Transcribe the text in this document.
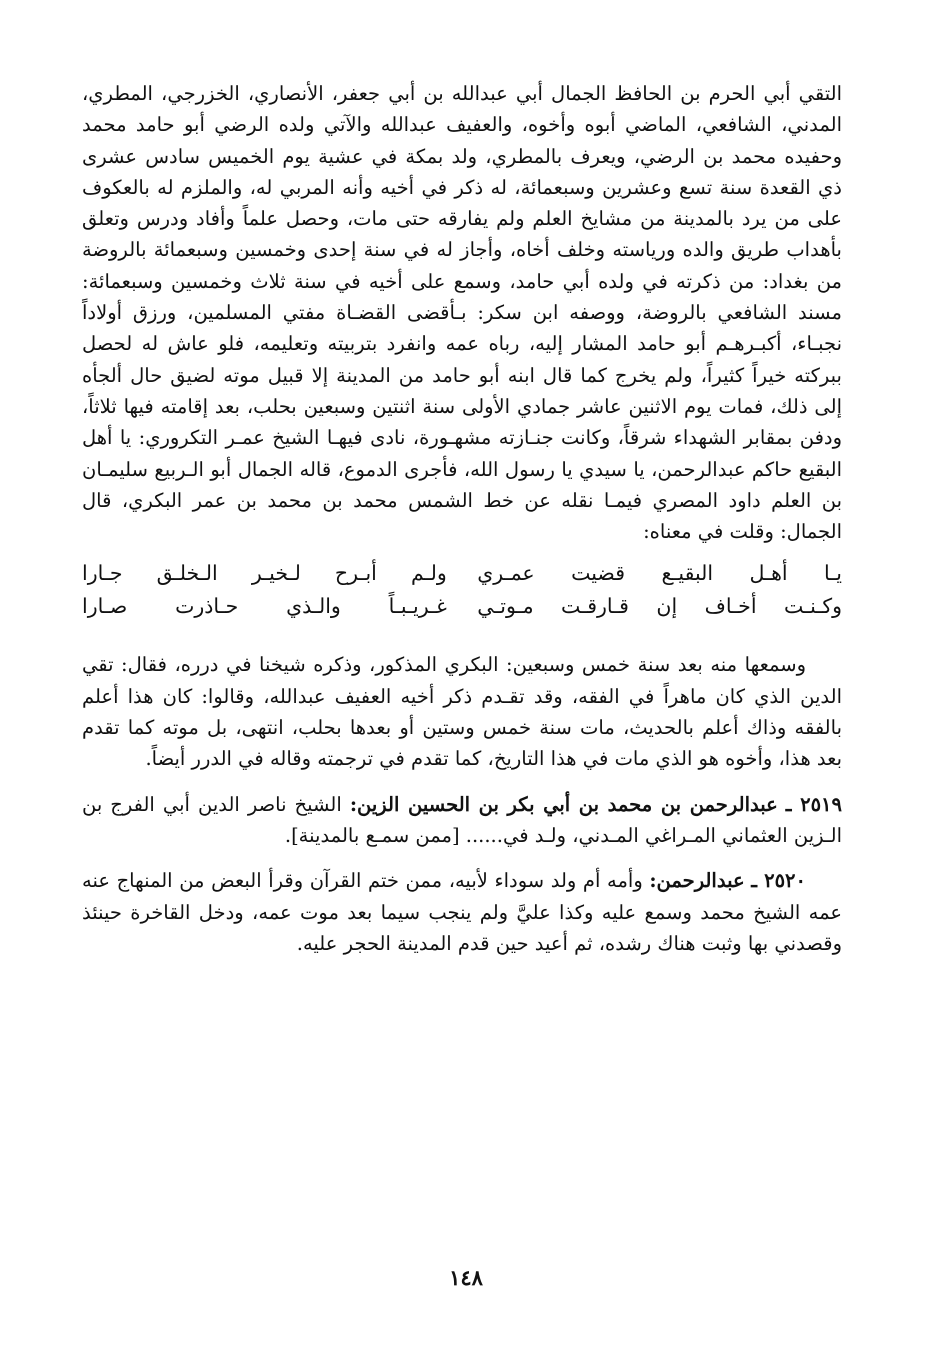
التقي أبي الحرم بن الحافظ الجمال أبي عبدالله بن أبي جعفر، الأنصاري، الخزرجي، المطري، المدني، الشافعي، الماضي أبوه وأخوه، والعفيف عبدالله والآتي ولده الرضي أبو حامد محمد وحفيده محمد بن الرضي، ويعرف بالمطري، ولد بمكة في عشية يوم الخميس سادس عشرى ذي القعدة سنة تسع وعشرين وسبعمائة، له ذكر في أخيه وأنه المربي له، والملزم له بالعكوف على من يرد بالمدينة من مشايخ العلم ولم يفارقه حتى مات، وحصل علماً وأفاد ودرس وتعلق بأهداب طريق والده ورياسته وخلف أخاه، وأجاز له في سنة إحدى وخمسين وسبعمائة بالروضة من بغداد: من ذكرته في ولده أبي حامد، وسمع على أخيه في سنة ثلاث وخمسين وسبعمائة: مسند الشافعي بالروضة، ووصفه ابن سكر: بـأقضى القضـاة مفتي المسلمين، ورزق أولاداً نجبـاء، أكبـرهـم أبو حامد المشار إليه، رباه عمه وانفرد بتربيته وتعليمه، فلو عاش له لحصل ببركته خيراً كثيراً، ولم يخرج كما قال ابنه أبو حامد من المدينة إلا قبيل موته لضيق حال ألجأه إلى ذلك، فمات يوم الاثنين عاشر جمادي الأولى سنة اثنتين وسبعين بحلب، بعد إقامته فيها ثلاثاً، ودفن بمقابر الشهداء شرقاً، وكانت جنـازته مشهـورة، نادى فيهـا الشيخ عمـر التكروري: يا أهل البقيع حاكم عبدالرحمن، يا سيدي يا رسول الله، فأجرى الدموع، قاله الجمال أبو الـربيع سليمـان بن العلم داود المصري فيمـا نقله عن خط الشمس محمد بن محمد بن عمر البكري، قال الجمال: وقلت في معناه:

يـا أهـل البقيـع قضيت عمـري
ولـم أبـرح لـخيـر الـخلـق جـارا
وكـنـت أخـاف إن قـارقـت مـوتـي
غـريـبـاً والـذي حـاذرت صـارا

وسمعها منه بعد سنة خمس وسبعين: البكري المذكور، وذكره شيخنا في درره، فقال: تقي الدين الذي كان ماهراً في الفقه، وقد تقـدم ذكر أخيه العفيف عبدالله، وقالوا: كان هذا أعلم بالفقه وذاك أعلم بالحديث، مات سنة خمس وستين أو بعدها بحلب، انتهى، بل موته كما تقدم بعد هذا، وأخوه هو الذي مات في هذا التاريخ، كما تقدم في ترجمته وقاله في الدرر أيضاً.

٢٥١٩ ـ عبدالرحمن بن محمد بن أبي بكر بن الحسين الزين: الشيخ ناصر الدين أبي الفرج بن الـزين العثماني المـراغي المـدني، ولـد في...... [ممن سمـع بالمدينة].

٢٥٢٠ ـ عبدالرحمن: وأمه أم ولد سوداء لأبيه، ممن ختم القرآن وقرأ البعض من المنهاج عنه عمه الشيخ محمد وسمع عليه وكذا عليَّ ولم ينجب سيما بعد موت عمه، ودخل القاخرة حينئذ وقصدني بها وثبت هناك رشده، ثم أعيد حين قدم المدينة الحجر عليه.

١٤٨
